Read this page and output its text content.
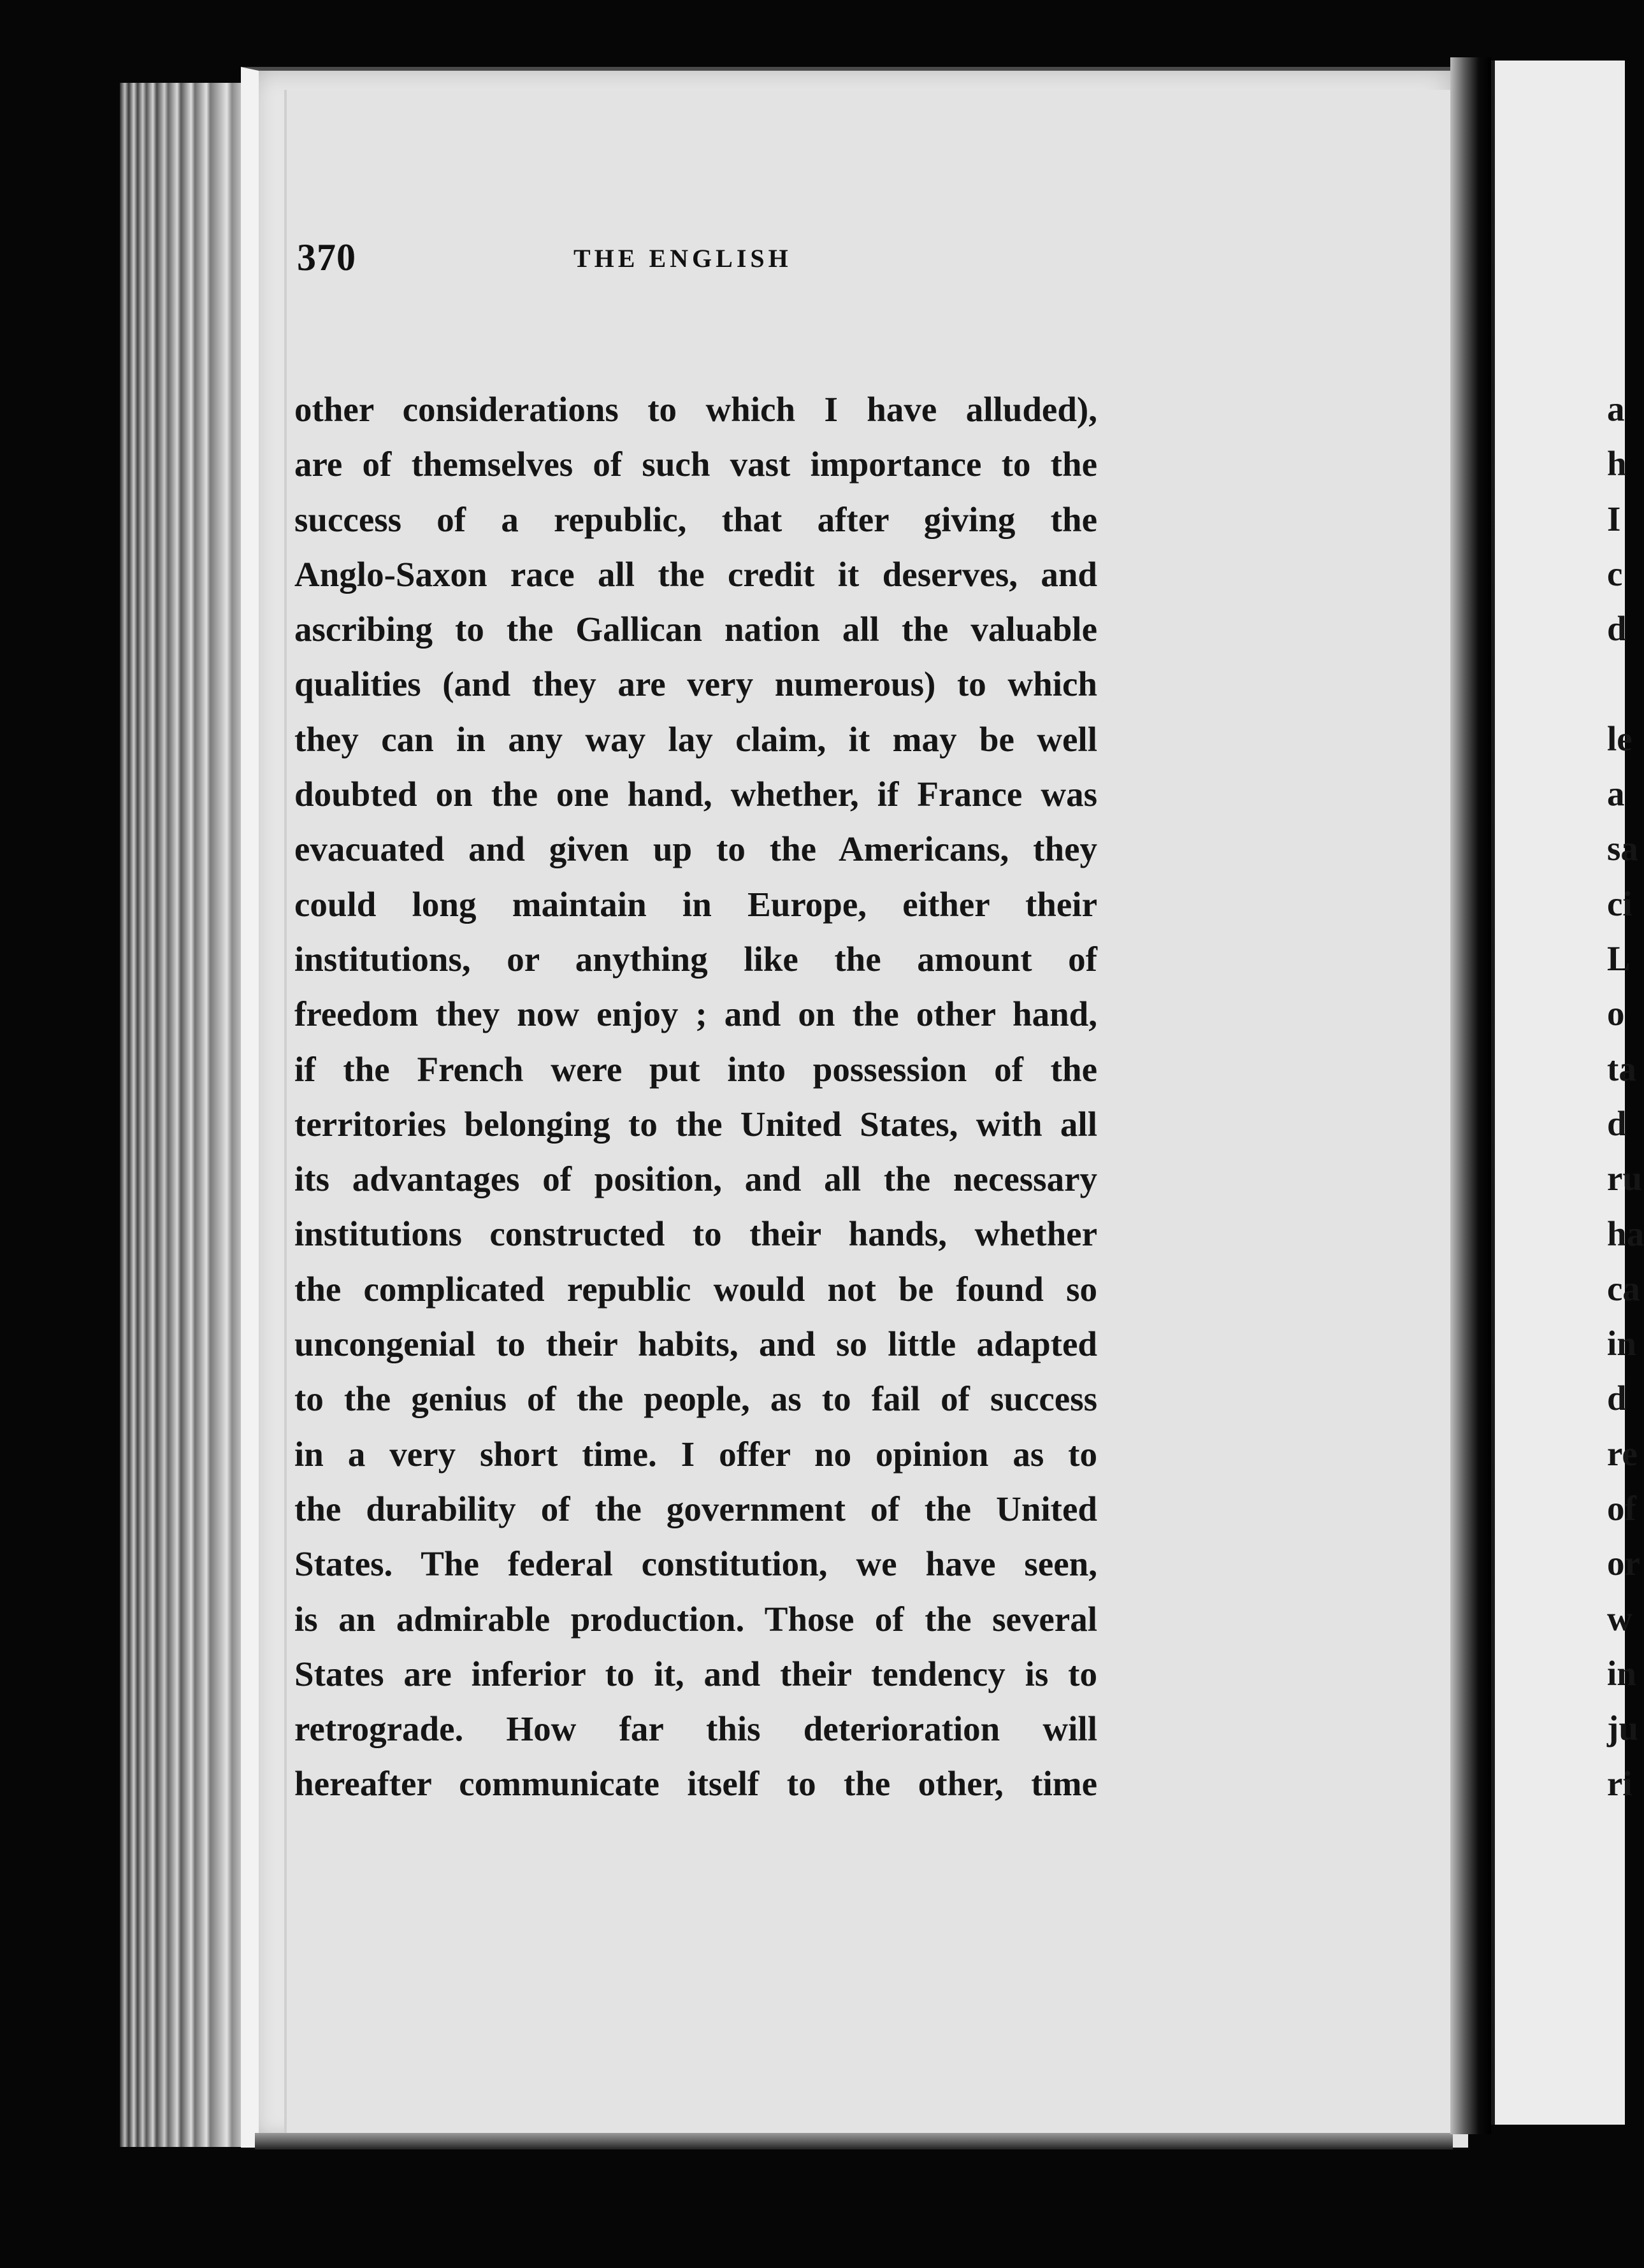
370	THE ENGLISH
other considerations to which I have alluded),
are of themselves of such vast importance to the
success of a republic, that after giving the
Anglo-Saxon race all the credit it deserves, and
ascribing to the Gallican nation all the valuable
qualities (and they are very numerous) to which
they can in any way lay claim, it may be well
doubted on the one hand, whether, if France was
evacuated and given up to the Americans, they
could long maintain in Europe, either their
institutions, or anything like the amount of
freedom they now enjoy ; and on the other hand,
if the French were put into possession of the
territories belonging to the United States, with all
its advantages of position, and all the necessary
institutions constructed to their hands, whether
the complicated republic would not be found so
uncongenial to their habits, and so little adapted
to the genius of the people, as to fail of success
in a very short time. I offer no opinion as to
the durability of the government of the United
States. The federal constitution, we have seen,
is an admirable production. Those of the several
States are inferior to it, and their tendency is to
retrograde. How far this deterioration will
hereafter communicate itself to the other, time
a
h
I
c
d
le
a
sa
ci
L
o
ta
d
ru
ha
ca
in
d
re
of
or
w
in
ju
ri
